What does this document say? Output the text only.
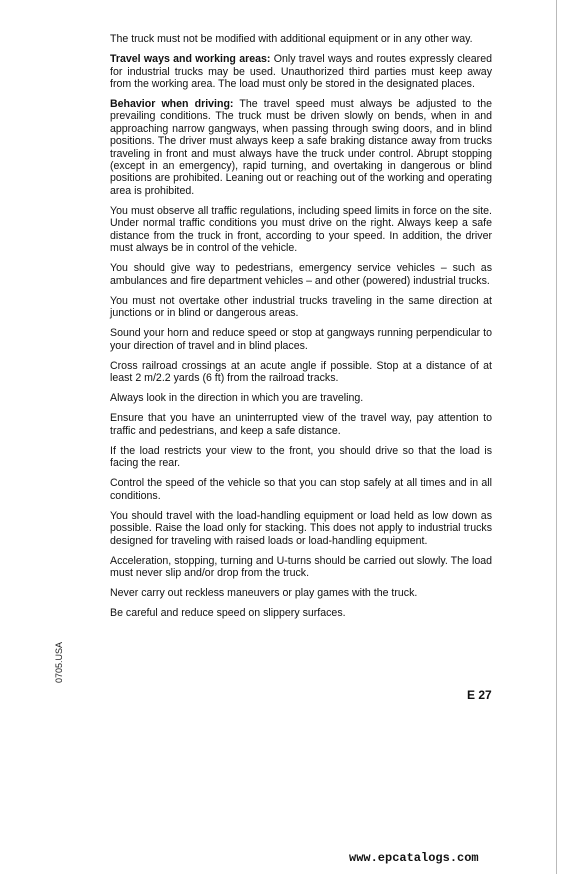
The truck must not be modified with additional equipment or in any other way.

Travel ways and working areas: Only travel ways and routes expressly cleared for industrial trucks may be used. Unauthorized third parties must keep away from the working area. The load must only be stored in the designated places.

Behavior when driving: The travel speed must always be adjusted to the prevailing conditions. The truck must be driven slowly on bends, when in and approaching narrow gangways, when passing through swing doors, and in blind positions. The driver must always keep a safe braking distance away from trucks traveling in front and must always have the truck under control. Abrupt stopping (except in an emergency), rapid turning, and overtaking in dangerous or blind positions are prohibited. Leaning out or reaching out of the working and operating area is prohibited.

You must observe all traffic regulations, including speed limits in force on the site. Under normal traffic conditions you must drive on the right. Always keep a safe distance from the truck in front, according to your speed. In addition, the driver must always be in control of the vehicle.

You should give way to pedestrians, emergency service vehicles – such as ambulances and fire department vehicles – and other (powered) industrial trucks.

You must not overtake other industrial trucks traveling in the same direction at junctions or in blind or dangerous areas.

Sound your horn and reduce speed or stop at gangways running perpendicular to your direction of travel and in blind places.

Cross railroad crossings at an acute angle if possible. Stop at a distance of at least 2 m/2.2 yards (6 ft) from the railroad tracks.

Always look in the direction in which you are traveling.

Ensure that you have an uninterrupted view of the travel way, pay attention to traffic and pedestrians, and keep a safe distance.

If the load restricts your view to the front, you should drive so that the load is facing the rear.

Control the speed of the vehicle so that you can stop safely at all times and in all conditions.

You should travel with the load-handling equipment or load held as low down as possible. Raise the load only for stacking. This does not apply to industrial trucks designed for traveling with raised loads or load-handling equipment.

Acceleration, stopping, turning and U-turns should be carried out slowly. The load must never slip and/or drop from the truck.

Never carry out reckless maneuvers or play games with the truck.

Be careful and reduce speed on slippery surfaces.

0705.USA
E 27
www.epcatalogs.com
